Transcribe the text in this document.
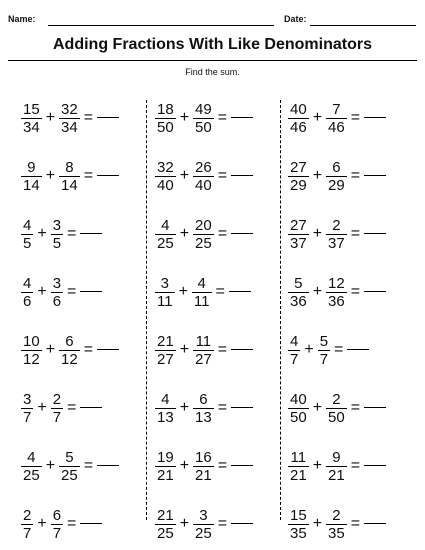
Name:	Date:
Adding Fractions With Like Denominators
Find the sum.
$\frac{15}{34} + \frac{32}{34}$ =
$\frac{9}{14} + \frac{8}{14}$ =
$\frac{4}{5} + \frac{3}{5}$ =
$\frac{4}{6} + \frac{3}{6}$ =
$\frac{10}{12} + \frac{6}{12}$ =
$\frac{3}{7} + \frac{2}{7}$ =
$\frac{4}{25} + \frac{5}{25}$ =
$\frac{2}{7} + \frac{6}{7}$ =
$\frac{18}{50} + \frac{49}{50}$ =
$\frac{32}{40} + \frac{26}{40}$ =
$\frac{4}{25} + \frac{20}{25}$ =
$\frac{3}{11} + \frac{4}{11}$ =
$\frac{21}{27} + \frac{11}{27}$ =
$\frac{4}{13} + \frac{6}{13}$ =
$\frac{19}{21} + \frac{16}{21}$ =
$\frac{21}{25} + \frac{3}{25}$ =
$\frac{40}{46} + \frac{7}{46}$ =
$\frac{27}{29} + \frac{6}{29}$ =
$\frac{27}{37} + \frac{2}{37}$ =
$\frac{5}{36} + \frac{12}{36}$ =
$\frac{4}{7} + \frac{5}{7}$ =
$\frac{40}{50} + \frac{2}{50}$ =
$\frac{11}{21} + \frac{9}{21}$ =
$\frac{15}{35} + \frac{2}{35}$ =
